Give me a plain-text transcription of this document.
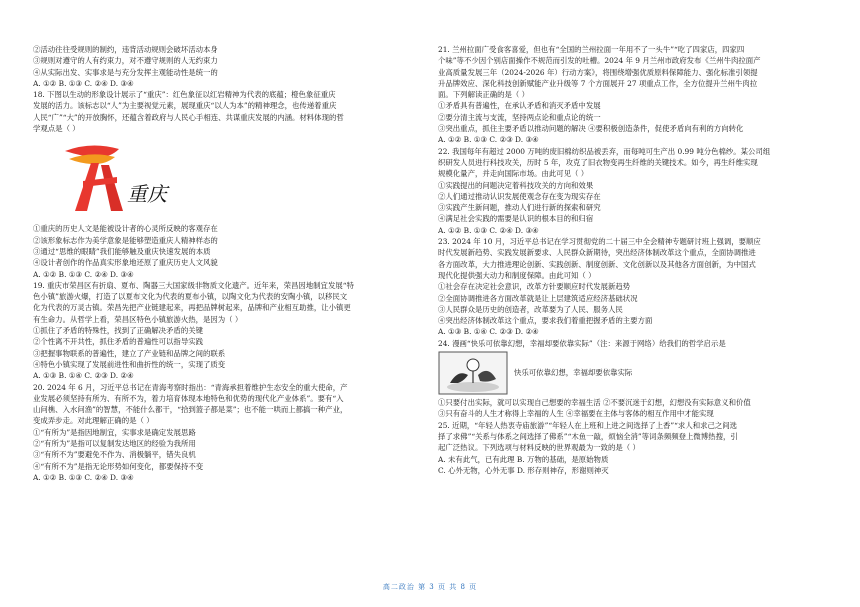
②活动往往受规则的制约，违背活动规则会破坏活动本身
③规则对遵守的人有约束力，对不遵守规则的人无约束力
④从实际出发、实事求是与充分发挥主观能动性是统一的
A. ①② B. ①③ C. ②④ D. ③④
18. 下图以生动的形象设计展示了“重庆”：红色象征以红岩精神为代表的底蕴；橙色象征重庆
发展的活力。该标志以“人”为主要视觉元素，展现重庆“以人为本”的精神理念，也传递着重庆
人民“广”“大”的开放胸怀，还蕴含着政府与人民心手相连、共谋重庆发展的内涵。材料体现的哲
学观点是（ ）
重庆
①重庆的历史人文是能被设计者的心灵所反映的客观存在
②该形象标志作为美学意象是能够塑造重庆人精神样态的
③通过“思维的眼睛”我们能够触及重庆快速发展的本质
④设计者创作的作品真实形象地还原了重庆历史人文风貌
A. ①② B. ①③ C. ②④ D. ③④
19. 重庆市荣昌区有折扇、夏布、陶器三大国家级非物质文化遗产。近年来，荣昌因地制宜发展“特
色小镇”旅游火爆，打造了以夏布文化为代表的夏布小镇，以陶文化为代表的安陶小镇，以移民文
化为代表的万灵古镇。荣昌先把产业链建起来，再把品牌树起来，品牌和产业相互助推，让小镇更
有生命力。从哲学上看，荣昌区特色小镇旅游火热，是因为（ ）
①抓住了矛盾的特殊性，找到了正确解决矛盾的关键
②个性离不开共性，抓住矛盾的普遍性可以指导实践
③把握事物联系的普遍性，建立了产业链和品牌之间的联系
④特色小镇实现了发展前进性和曲折性的统一，实现了质变
A. ①③ B. ①④ C. ②③ D. ②④
20. 2024 年 6 月，习近平总书记在青海考察时指出：“青海承担着维护生态安全的重大使命，产
业发展必须坚持有所为、有所不为，着力培育体现本地特色和优势的现代化产业体系”。要有“入
山问樵、入水问渔”的智慧，不能什么都干，“拾到篮子都是菜”；也不能一哄而上都搞一种产业，
变成弄步走。对此理解正确的是（ ）
①“有所为”是指因地制宜，实事求是确定发展思路
②“有所为”是指可以复制发达地区的经验为我所用
③“有所不为”要避免不作为、消极躺平，错失良机
④“有所不为”是指无论形势如何变化，都要保持不变
A. ①② B. ①③ C. ②④ D. ③④
21. 兰州拉面广受食客喜爱，但也有“全国的兰州拉面一年用不了一头牛”“吃了四家店，四家四
个味”等不少因个别店面操作不规范而引发的吐槽。2024 年 9 月兰州市政府发布《兰州牛肉拉面产
业高质量发展三年（2024-2026 年）行动方案》，将围绕增强优质原料保障能力、强化标准引领提
升品牌效应、深化科技创新赋能产业升级等 7 个方面展开 27 项重点工作，全方位提升兰州牛肉拉
面。下列解读正确的是（ ）
①矛盾具有普遍性，在承认矛盾和消灭矛盾中发展
②要分清主流与支流，坚持两点论和重点论的统一
③突出重点，抓住主要矛盾以推动问题的解决 ④要积极创造条件，促使矛盾向有利的方向转化
A. ①② B. ①③ C. ②③ D. ③④
22. 我国每年有超过 2000 万吨的废旧棉纺织品被丢弃，而每吨可生产出 0.99 吨分色棉纱。某公司组
织研发人员进行科技攻关，历时 5 年，攻克了旧衣物变再生纤维的关键技术。如今，再生纤维实现
规模化量产，并走向国际市场。由此可见（ ）
①实践提出的问题决定着科技攻关的方向和效果
②人们通过推动认识发展使观念存在变为现实存在
③实践产生新问题，推动人们进行新的探索和研究
④满足社会实践的需要是认识的根本目的和归宿
A. ①② B. ①③ C. ②④ D. ③④
23. 2024 年 10 月，习近平总书记在学习贯彻党的二十届三中全会精神专题研讨班上强调，要顺应
时代发展新趋势、实践发展新要求、人民群众新期待，突出经济体制改革这个重点，全面协调推进
各方面改革，大力推进理论创新、实践创新、制度创新、文化创新以及其他各方面创新，为中国式
现代化提供强大动力和制度保障。由此可知（ ）
①社会存在决定社会意识，改革方针要顺应时代发展新趋势
②全面协调推进各方面改革就是让上层建筑适应经济基础状况
③人民群众是历史的创造者，改革要为了人民、服务人民
④突出经济体制改革这个重点，要求我们着重把握矛盾的主要方面
A. ①③ B. ①④ C. ②③ D. ②④
24. 漫画“快乐可依靠幻想，幸福却要依靠实际”（注：来源于网络）给我们的哲学启示是
快乐可依靠幻想，幸福却要依靠实际
①只要付出实际，就可以实现自己想要的幸福生活 ②不要沉迷于幻想，幻想没有实际意义和价值
③只有奋斗的人生才称得上幸福的人生 ④幸福要在主体与客体的相互作用中才能实现
25. 近期，“年轻人热衷寺庙旅游”“年轻人在上班和上进之间选择了上香”“求人和求己之间选
择了求佛”“关系与体系之间选择了佛系”“木鱼一敲，烦恼全消”等词条频频登上微博热搜，引
起广泛热议。下列选项与材料反映的世界观最为一致的是（ ）
A. 未有此气，已有此理 B. 万物的基础，是原始物质
C. 心外无物，心外无事 D. 形存则神存，形谢则神灭
高二政治 第 3 页 共 8 页
